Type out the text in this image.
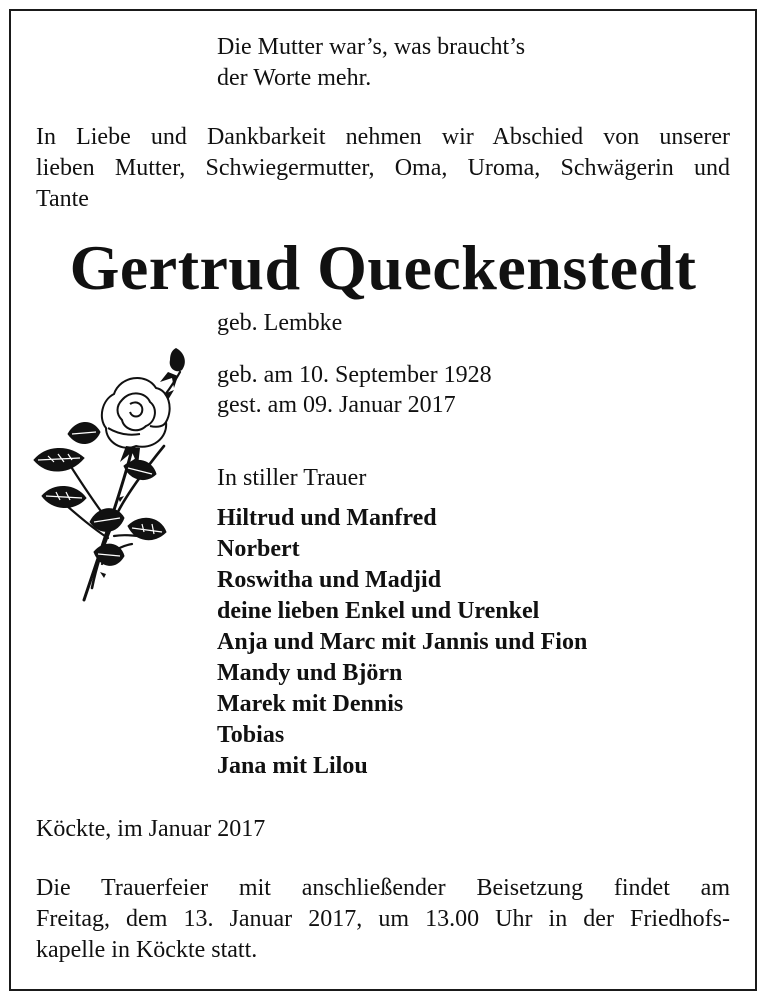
Die Mutter war’s, was braucht’s

der Worte mehr.

In Liebe und Dankbarkeit nehmen wir Abschied von unserer
lieben Mutter, Schwiegermutter, Oma, Uroma, Schwägerin und
Tante
Gertrud Queckenstedt

geb. Lembke

geb. am 10. September 1928

gest. am 09. Januar 2017

In stiller Trauer

Hiltrud und Manfred

Norbert

Roswitha und Madjid

deine lieben Enkel und Urenkel

Anja und Marc mit Jannis und Fion

Mandy und Björn

Marek mit Dennis

Tobias

Jana mit Lilou

Köckte, im Januar 2017

Die Trauerfeier mit anschließender Beisetzung findet am
Freitag, dem 13. Januar 2017, um 13.00 Uhr in der Friedhofs-
kapelle in Köckte statt.
